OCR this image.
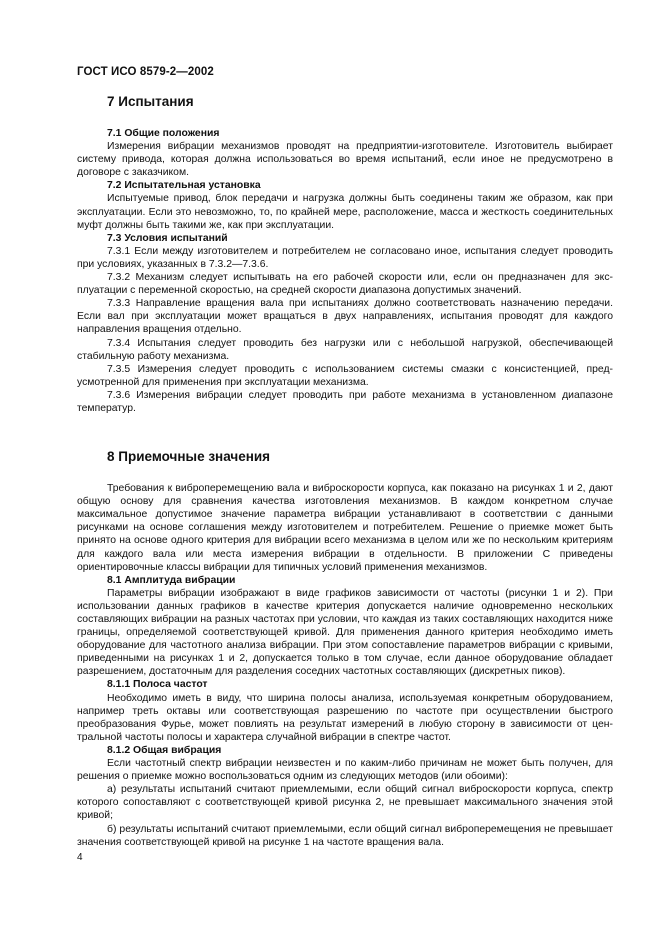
ГОСТ ИСО 8579-2—2002
7 Испытания
7.1 Общие положения

Измерения вибрации механизмов проводят на предприятии-изготовителе. Изготовитель выбирает систему привода, которая должна использоваться во время испытаний, если иное не предусмотрено в договоре с заказчиком.

7.2 Испытательная установка

Испытуемые привод, блок передачи и нагрузка должны быть соединены таким же образом, как при эксплуатации. Если это невозможно, то, по крайней мере, расположение, масса и жесткость соединительных муфт должны быть такими же, как при эксплуатации.

7.3 Условия испытаний

7.3.1 Если между изготовителем и потребителем не согласовано иное, испытания следует проводить при условиях, указанных в 7.3.2—7.3.6.

7.3.2 Механизм следует испытывать на его рабочей скорости или, если он предназначен для эксплуатации с переменной скоростью, на средней скорости диапазона допустимых значений.

7.3.3 Направление вращения вала при испытаниях должно соответствовать назначению передачи. Если вал при эксплуатации может вращаться в двух направлениях, испытания проводят для каждого направления вращения отдельно.

7.3.4 Испытания следует проводить без нагрузки или с небольшой нагрузкой, обеспечивающей стабильную работу механизма.

7.3.5 Измерения следует проводить с использованием системы смазки с консистенцией, предусмотренной для применения при эксплуатации механизма.

7.3.6 Измерения вибрации следует проводить при работе механизма в установленном диапазоне температур.

8 Приемочные значения

Требования к виброперемещению вала и виброскорости корпуса, как показано на рисунках 1 и 2, дают общую основу для сравнения качества изготовления механизмов. В каждом конкретном случае максимальное допустимое значение параметра вибрации устанавливают в соответствии с данными рисунками на основе соглашения между изготовителем и потребителем. Решение о приемке может быть принято на основе одного критерия для вибрации всего механизма в целом или же по нескольким критериям для каждого вала или места измерения вибрации в отдельности. В приложении С приведены ориентировочные классы вибрации для типичных условий применения механизмов.

8.1 Амплитуда вибрации

Параметры вибрации изображают в виде графиков зависимости от частоты (рисунки 1 и 2). При использовании данных графиков в качестве критерия допускается наличие одновременно нескольких составляющих вибрации на разных частотах при условии, что каждая из таких составляющих находится ниже границы, определяемой соответствующей кривой. Для применения данного критерия необходимо иметь оборудование для частотного анализа вибрации. При этом сопоставление параметров вибрации с кривыми, приведенными на рисунках 1 и 2, допускается только в том случае, если данное оборудование обладает разрешением, достаточным для разделения соседних частотных составляющих (дискретных пиков).

8.1.1 Полоса частот

Необходимо иметь в виду, что ширина полосы анализа, используемая конкретным оборудованием, например треть октавы или соответствующая разрешению по частоте при осуществлении быстрого преобразования Фурье, может повлиять на результат измерений в любую сторону в зависимости от центральной частоты полосы и характера случайной вибрации в спектре частот.

8.1.2 Общая вибрация

Если частотный спектр вибрации неизвестен и по каким-либо причинам не может быть получен, для решения о приемке можно воспользоваться одним из следующих методов (или обоими):

а) результаты испытаний считают приемлемыми, если общий сигнал виброскорости корпуса, спектр которого сопоставляют с соответствующей кривой рисунка 2, не превышает максимального значения этой кривой;

б) результаты испытаний считают приемлемыми, если общий сигнал виброперемещения не превышает значения соответствующей кривой на рисунке 1 на частоте вращения вала.

4
